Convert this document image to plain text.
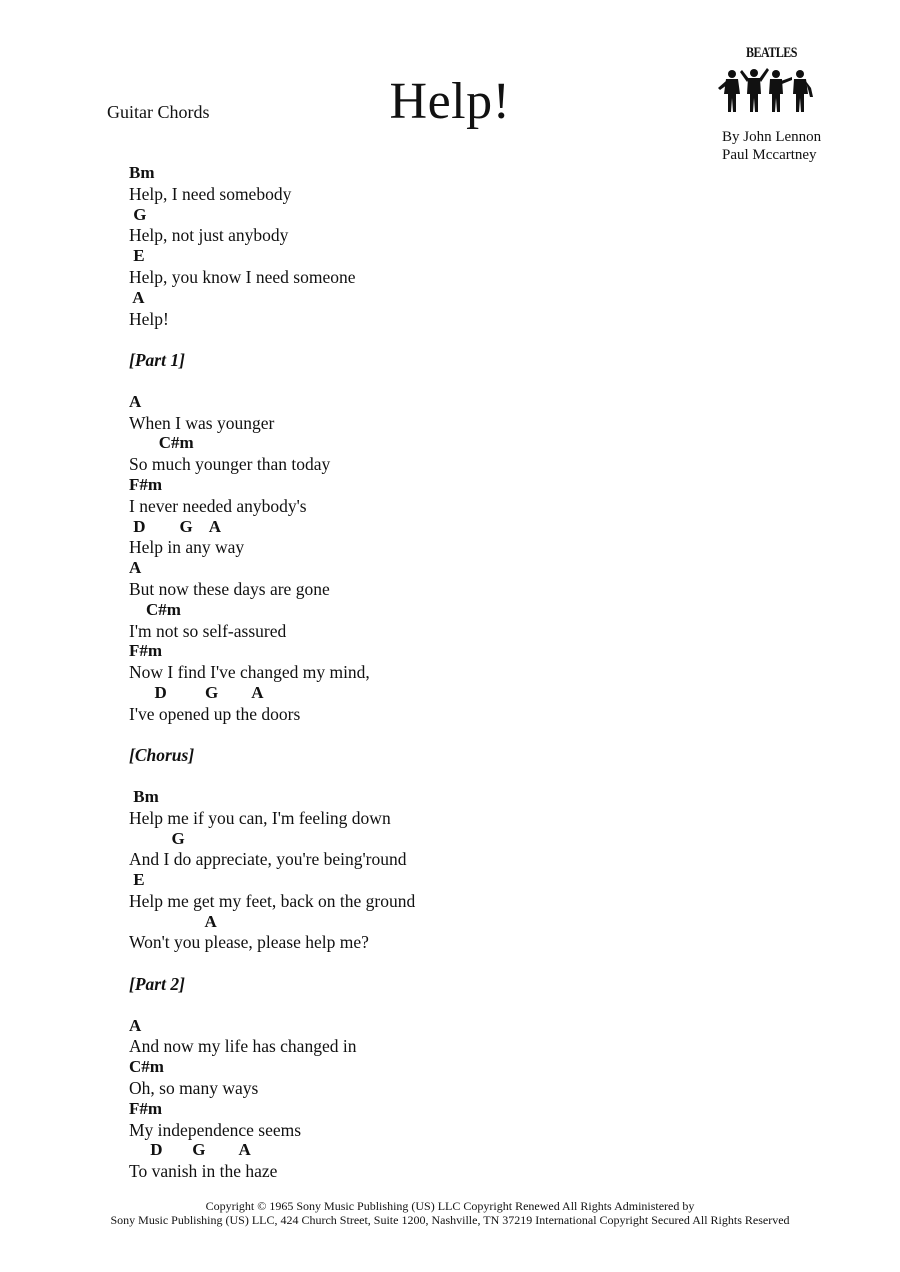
Guitar Chords	Help!
BEATLES
By John Lennon
Paul Mccartney
Bm
Help, I need somebody
G
Help, not just anybody
E
Help, you know I need someone
A
Help!
[Part 1]
A
When I was younger
C#m
So much younger than today
F#m
I never needed anybody's
D        G    A
Help in any way
A
But now these days are gone
C#m
I'm not so self-assured
F#m
Now I find I've changed my mind,
D         G        A
I've opened up the doors
[Chorus]
Bm
Help me if you can, I'm feeling down
G
And I do appreciate, you're being'round
E
Help me get my feet, back on the ground
A
Won't you please, please help me?
[Part 2]
A
And now my life has changed in
C#m
Oh, so many ways
F#m
My independence seems
D       G        A
To vanish in the haze
Copyright © 1965 Sony Music Publishing (US) LLC Copyright Renewed All Rights Administered by
Sony Music Publishing (US) LLC, 424 Church Street, Suite 1200, Nashville, TN 37219 International Copyright Secured All Rights Reserved
